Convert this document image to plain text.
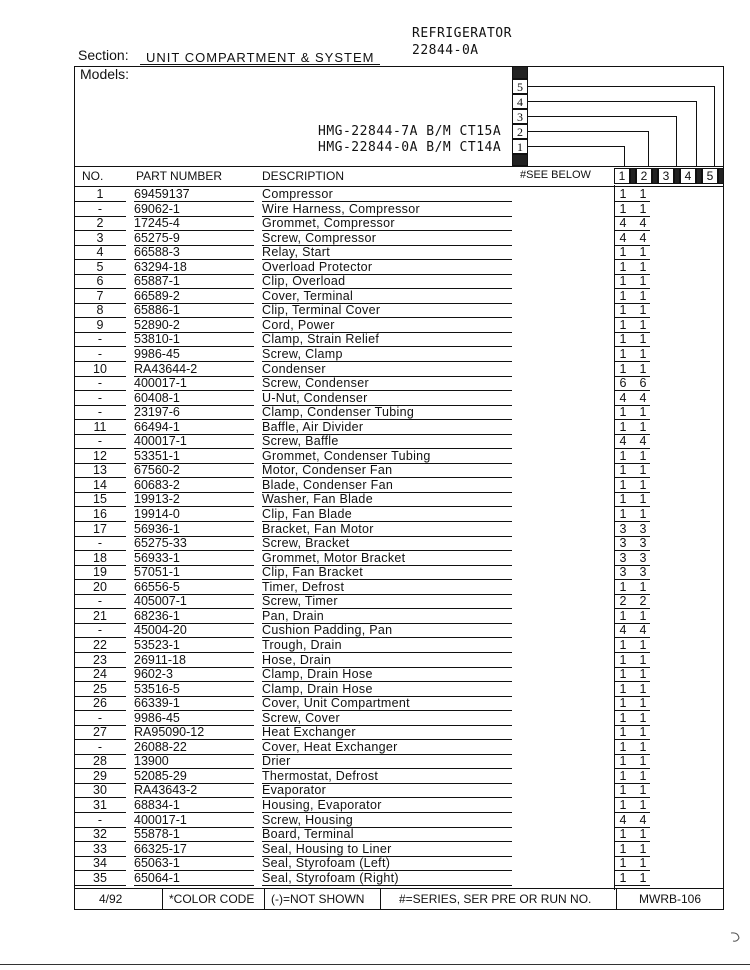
REFRIGERATOR
22844-0A
Section: UNIT COMPARTMENT & SYSTEM
Models:
HMG-22844-7A B/M CT15A
HMG-22844-0A B/M CT14A
5
4
3
2
1
NO.	PART NUMBER	DESCRIPTION	#SEE BELOW	1	2	3	4	5
1	69459137	Compressor	1 1
-	69062-1	Wire Harness, Compressor	1 1
2	17245-4	Grommet, Compressor	4 4
3	65275-9	Screw, Compressor	4 4
4	66588-3	Relay, Start	1 1
5	63294-18	Overload Protector	1 1
6	65887-1	Clip, Overload	1 1
7	66589-2	Cover, Terminal	1 1
8	65886-1	Clip, Terminal Cover	1 1
9	52890-2	Cord, Power	1 1
-	53810-1	Clamp, Strain Relief	1 1
-	9986-45	Screw, Clamp	1 1
10	RA43644-2	Condenser	1 1
-	400017-1	Screw, Condenser	6 6
-	60408-1	U-Nut, Condenser	4 4
-	23197-6	Clamp, Condenser Tubing	1 1
11	66494-1	Baffle, Air Divider	1 1
-	400017-1	Screw, Baffle	4 4
12	53351-1	Grommet, Condenser Tubing	1 1
13	67560-2	Motor, Condenser Fan	1 1
14	60683-2	Blade, Condenser Fan	1 1
15	19913-2	Washer, Fan Blade	1 1
16	19914-0	Clip, Fan Blade	1 1
17	56936-1	Bracket, Fan Motor	3 3
-	65275-33	Screw, Bracket	3 3
18	56933-1	Grommet, Motor Bracket	3 3
19	57051-1	Clip, Fan Bracket	3 3
20	66556-5	Timer, Defrost	1 1
-	405007-1	Screw, Timer	2 2
21	68236-1	Pan, Drain	1 1
-	45004-20	Cushion Padding, Pan	4 4
22	53523-1	Trough, Drain	1 1
23	26911-18	Hose, Drain	1 1
24	9602-3	Clamp, Drain Hose	1 1
25	53516-5	Clamp, Drain Hose	1 1
26	66339-1	Cover, Unit Compartment	1 1
-	9986-45	Screw, Cover	1 1
27	RA95090-12	Heat Exchanger	1 1
-	26088-22	Cover, Heat Exchanger	1 1
28	13900	Drier	1 1
29	52085-29	Thermostat, Defrost	1 1
30	RA43643-2	Evaporator	1 1
31	68834-1	Housing, Evaporator	1 1
-	400017-1	Screw, Housing	4 4
32	55878-1	Board, Terminal	1 1
33	66325-17	Seal, Housing to Liner	1 1
34	65063-1	Seal, Styrofoam (Left)	1 1
35	65064-1	Seal, Styrofoam (Right)	1 1
4/92	*COLOR CODE	(-)=NOT SHOWN	#=SERIES, SER PRE OR RUN NO.	MWRB-106
